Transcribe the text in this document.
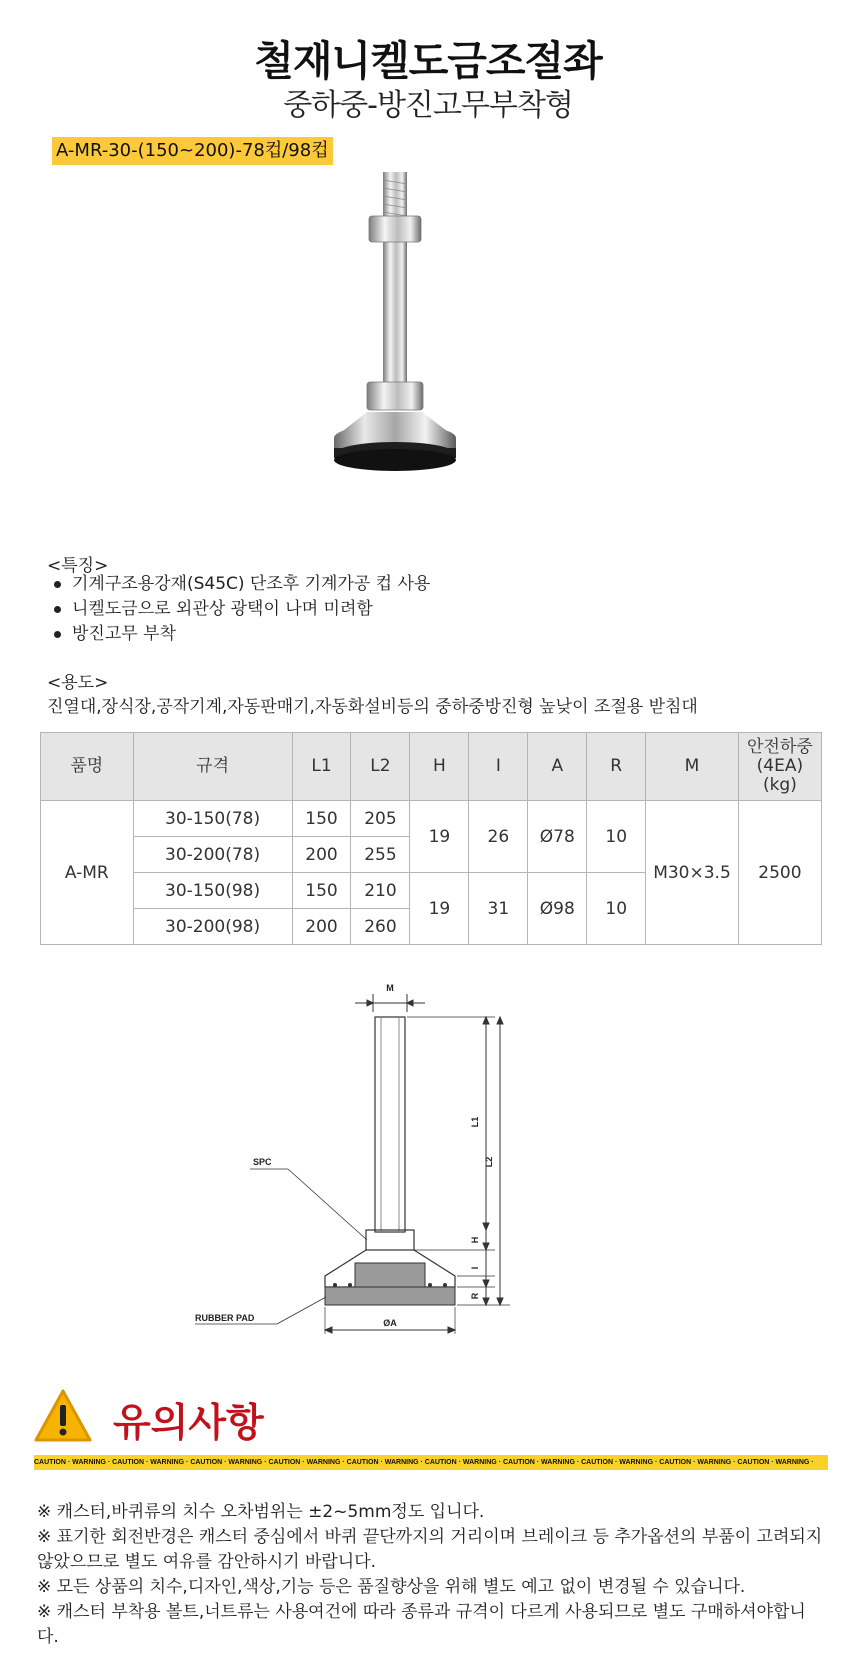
철재니켈도금조절좌
중하중-방진고무부착형
A-MR-30-(150~200)-78컵/98컵
<특징>
기계구조용강재(S45C) 단조후 기계가공 컵 사용
니켈도금으로 외관상 광택이 나며 미려함
방진고무 부착
<용도>
진열대,장식장,공작기계,자동판매기,자동화설비등의 중하중방진형 높낮이 조절용 받침대
품명	규격	L1	L2	H	I	A	R	M	안전하중
(4EA)
(kg)

A-MR	30-150(78)	150	205	19	26	Ø78	10	M30×3.5	2500
	30-200(78)	200	255						
	30-150(98)	150	210	19	31	Ø98	10		
	30-200(98)	200	260						
M
L1
L2
H
I
R
SPC
RUBBER PAD	ØA
유의사항
CAUTION · WARNING · CAUTION · WARNING · CAUTION · WARNING · CAUTION · WARNING · CAUTION · WARNING · CAUTION · WARNING · CAUTION · WARNING · CAUTION · WARNING · CAUTION · WARNING · CAUTION · WARNING ·

※ 캐스터,바퀴류의 치수 오차범위는 ±2~5mm정도 입니다.

※ 표기한 회전반경은 캐스터 중심에서 바퀴 끝단까지의 거리이며 브레이크 등 추가옵션의 부품이 고려되지 않았으므로 별도 여유를 감안하시기 바랍니다.

※ 모든 상품의 치수,디자인,색상,기능 등은 품질향상을 위해 별도 예고 없이 변경될 수 있습니다.

※ 캐스터 부착용 볼트,너트류는 사용여건에 따라 종류과 규격이 다르게 사용되므로 별도 구매하셔야합니다.
